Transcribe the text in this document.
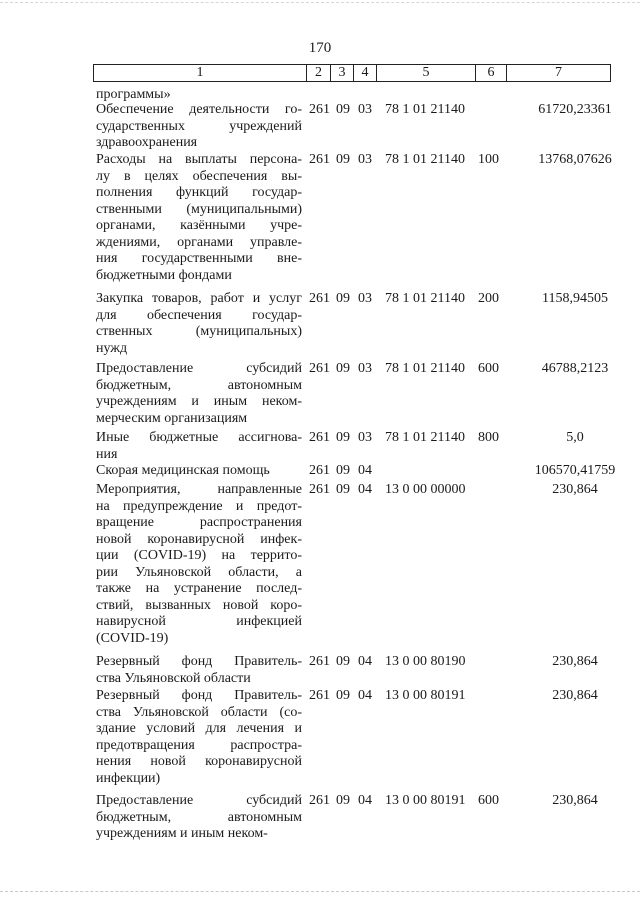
170
1	2	3	4	5	6	7
программы»
Обеспечение деятельности го-
сударственных учреждений
здравоохранения
261 09 03 78 1 01 21140	61720,23361
Расходы на выплаты персона-
лу в целях обеспечения вы-
полнения функций государ-
ственными (муниципальными)
органами, казёнными учре-
ждениями, органами управле-
ния государственными вне-
бюджетными фондами
261 09 03 78 1 01 21140 100	13768,07626
Закупка товаров, работ и услуг
для обеспечения государ-
ственных (муниципальных)
нужд
261 09 03 78 1 01 21140 200	1158,94505
Предоставление субсидий
бюджетным, автономным
учреждениям и иным неком-
мерческим организациям
261 09 03 78 1 01 21140 600	46788,2123
Иные бюджетные ассигнова-
ния
261 09 03 78 1 01 21140 800	5,0
Скорая медицинская помощь	261 09 04	106570,41759
Мероприятия, направленные
на предупреждение и предот-
вращение распространения
новой коронавирусной инфек-
ции (COVID-19) на террито-
рии Ульяновской области, а
также на устранение послед-
ствий, вызванных новой коро-
навирусной инфекцией
(COVID-19)
261 09 04 13 0 00 00000	230,864
Резервный фонд Правитель-
ства Ульяновской области
261 09 04 13 0 00 80190	230,864
Резервный фонд Правитель-
ства Ульяновской области (со-
здание условий для лечения и
предотвращения распростра-
нения новой коронавирусной
инфекции)
261 09 04 13 0 00 80191	230,864
Предоставление субсидий
бюджетным, автономным
учреждениям и иным неком-
261 09 04 13 0 00 80191 600	230,864
